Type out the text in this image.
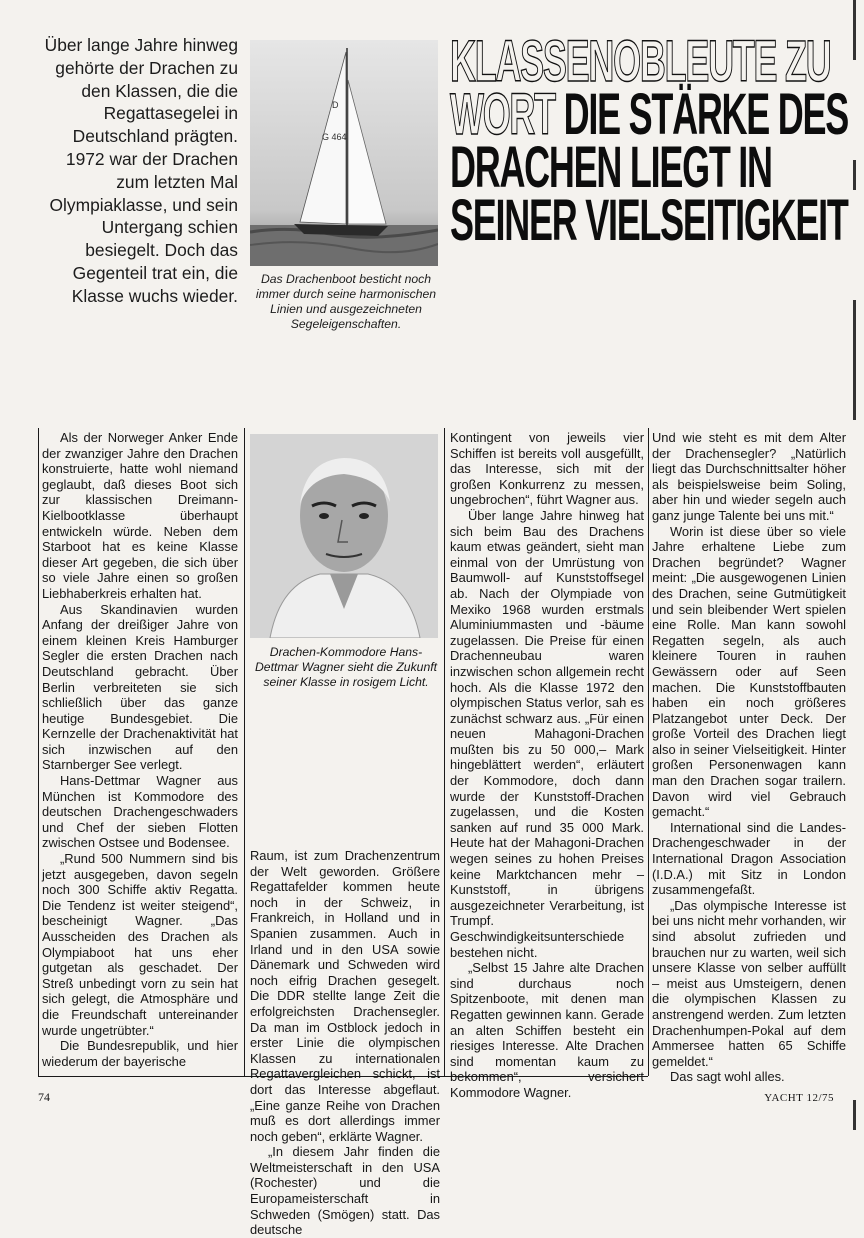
Über lange Jahre hinweg gehörte der Drachen zu den Klassen, die die Regattasegelei in Deutschland prägten. 1972 war der Drachen zum letzten Mal Olympiaklasse, und sein Untergang schien besiegelt. Doch das Gegenteil trat ein, die Klasse wuchs wieder.
D
G 464
Das Drachenboot besticht noch immer durch seine harmonischen Linien und ausgezeichneten Segeleigenschaften.
KLASSENOBLEUTE ZU
WORT DIE STÄRKE DES
DRACHEN LIEGT IN
SEINER VIELSEITIGKEIT

Als der Norweger Anker Ende der zwanziger Jahre den Drachen konstruierte, hatte wohl niemand geglaubt, daß dieses Boot sich zur klassischen Dreimann-Kielbootklasse überhaupt entwickeln würde. Neben dem Starboot hat es keine Klasse dieser Art gegeben, die sich über so viele Jahre einen so großen Liebhaberkreis erhalten hat.

Aus Skandinavien wurden Anfang der dreißiger Jahre von einem kleinen Kreis Hamburger Segler die ersten Drachen nach Deutschland gebracht. Über Berlin verbreiteten sie sich schließlich über das ganze heutige Bundesgebiet. Die Kernzelle der Drachenaktivität hat sich inzwischen auf den Starnberger See verlegt.

Hans-Dettmar Wagner aus München ist Kommodore des deutschen Drachengeschwaders und Chef der sieben Flotten zwischen Ostsee und Bodensee.

„Rund 500 Nummern sind bis jetzt ausgegeben, davon segeln noch 300 Schiffe aktiv Regatta. Die Tendenz ist weiter steigend“, bescheinigt Wagner. „Das Ausscheiden des Drachen als Olympiaboot hat uns eher gutgetan als geschadet. Der Streß unbedingt vorn zu sein hat sich gelegt, die Atmosphäre und die Freundschaft untereinander wurde ungetrübter.“

Die Bundesrepublik, und hier wiederum der bayerische

Drachen-Kommodore Hans-Dettmar Wagner sieht die Zukunft seiner Klasse in rosigem Licht.

Raum, ist zum Drachenzentrum der Welt geworden. Größere Regattafelder kommen heute noch in der Schweiz, in Frankreich, in Holland und in Spanien zusammen. Auch in Irland und in den USA sowie Dänemark und Schweden wird noch eifrig Drachen gesegelt. Die DDR stellte lange Zeit die erfolgreichsten Drachensegler. Da man im Ostblock jedoch in erster Linie die olympischen Klassen zu internationalen Regattavergleichen schickt, ist dort das Interesse abgeflaut. „Eine ganze Reihe von Drachen muß es dort allerdings immer noch geben“, erklärte Wagner.

„In diesem Jahr finden die Weltmeisterschaft in den USA (Rochester) und die Europameisterschaft in Schweden (Smögen) statt. Das deutsche

Kontingent von jeweils vier Schiffen ist bereits voll ausgefüllt, das Interesse, sich mit der großen Konkurrenz zu messen, ungebrochen“, führt Wagner aus.

Über lange Jahre hinweg hat sich beim Bau des Drachens kaum etwas geändert, sieht man einmal von der Umrüstung von Baumwoll- auf Kunststoffsegel ab. Nach der Olympiade von Mexiko 1968 wurden erstmals Aluminiummasten und -bäume zugelassen. Die Preise für einen Drachenneubau waren inzwischen schon allgemein recht hoch. Als die Klasse 1972 den olympischen Status verlor, sah es zunächst schwarz aus. „Für einen neuen Mahagoni-Drachen mußten bis zu 50 000,– Mark hingeblättert werden“, erläutert der Kommodore, doch dann wurde der Kunststoff-Drachen zugelassen, und die Kosten sanken auf rund 35 000 Mark. Heute hat der Mahagoni-Drachen wegen seines zu hohen Preises keine Marktchancen mehr – Kunststoff, in übrigens ausgezeichneter Verarbeitung, ist Trumpf. Geschwindigkeitsunterschiede bestehen nicht.

„Selbst 15 Jahre alte Drachen sind durchaus noch Spitzenboote, mit denen man Regatten gewinnen kann. Gerade an alten Schiffen besteht ein riesiges Interesse. Alte Drachen sind momentan kaum zu bekommen“, versichert Kommodore Wagner.

Und wie steht es mit dem Alter der Drachensegler? „Natürlich liegt das Durchschnittsalter höher als beispielsweise beim Soling, aber hin und wieder segeln auch ganz junge Talente bei uns mit.“

Worin ist diese über so viele Jahre erhaltene Liebe zum Drachen begründet? Wagner meint: „Die ausgewogenen Linien des Drachen, seine Gutmütigkeit und sein bleibender Wert spielen eine Rolle. Man kann sowohl Regatten segeln, als auch kleinere Touren in rauhen Gewässern oder auf Seen machen. Die Kunststoffbauten haben ein noch größeres Platzangebot unter Deck. Der große Vorteil des Drachen liegt also in seiner Vielseitigkeit. Hinter großen Personenwagen kann man den Drachen sogar trailern. Davon wird viel Gebrauch gemacht.“

International sind die Landes-Drachengeschwader in der International Dragon Association (I.D.A.) mit Sitz in London zusammengefaßt.

„Das olympische Interesse ist bei uns nicht mehr vorhanden, wir sind absolut zufrieden und brauchen nur zu warten, weil sich unsere Klasse von selber auffüllt – meist aus Umsteigern, denen die olympischen Klassen zu anstrengend werden. Zum letzten Drachenhumpen-Pokal auf dem Ammersee hatten 65 Schiffe gemeldet.“

Das sagt wohl alles.

74	YACHT 12/75
